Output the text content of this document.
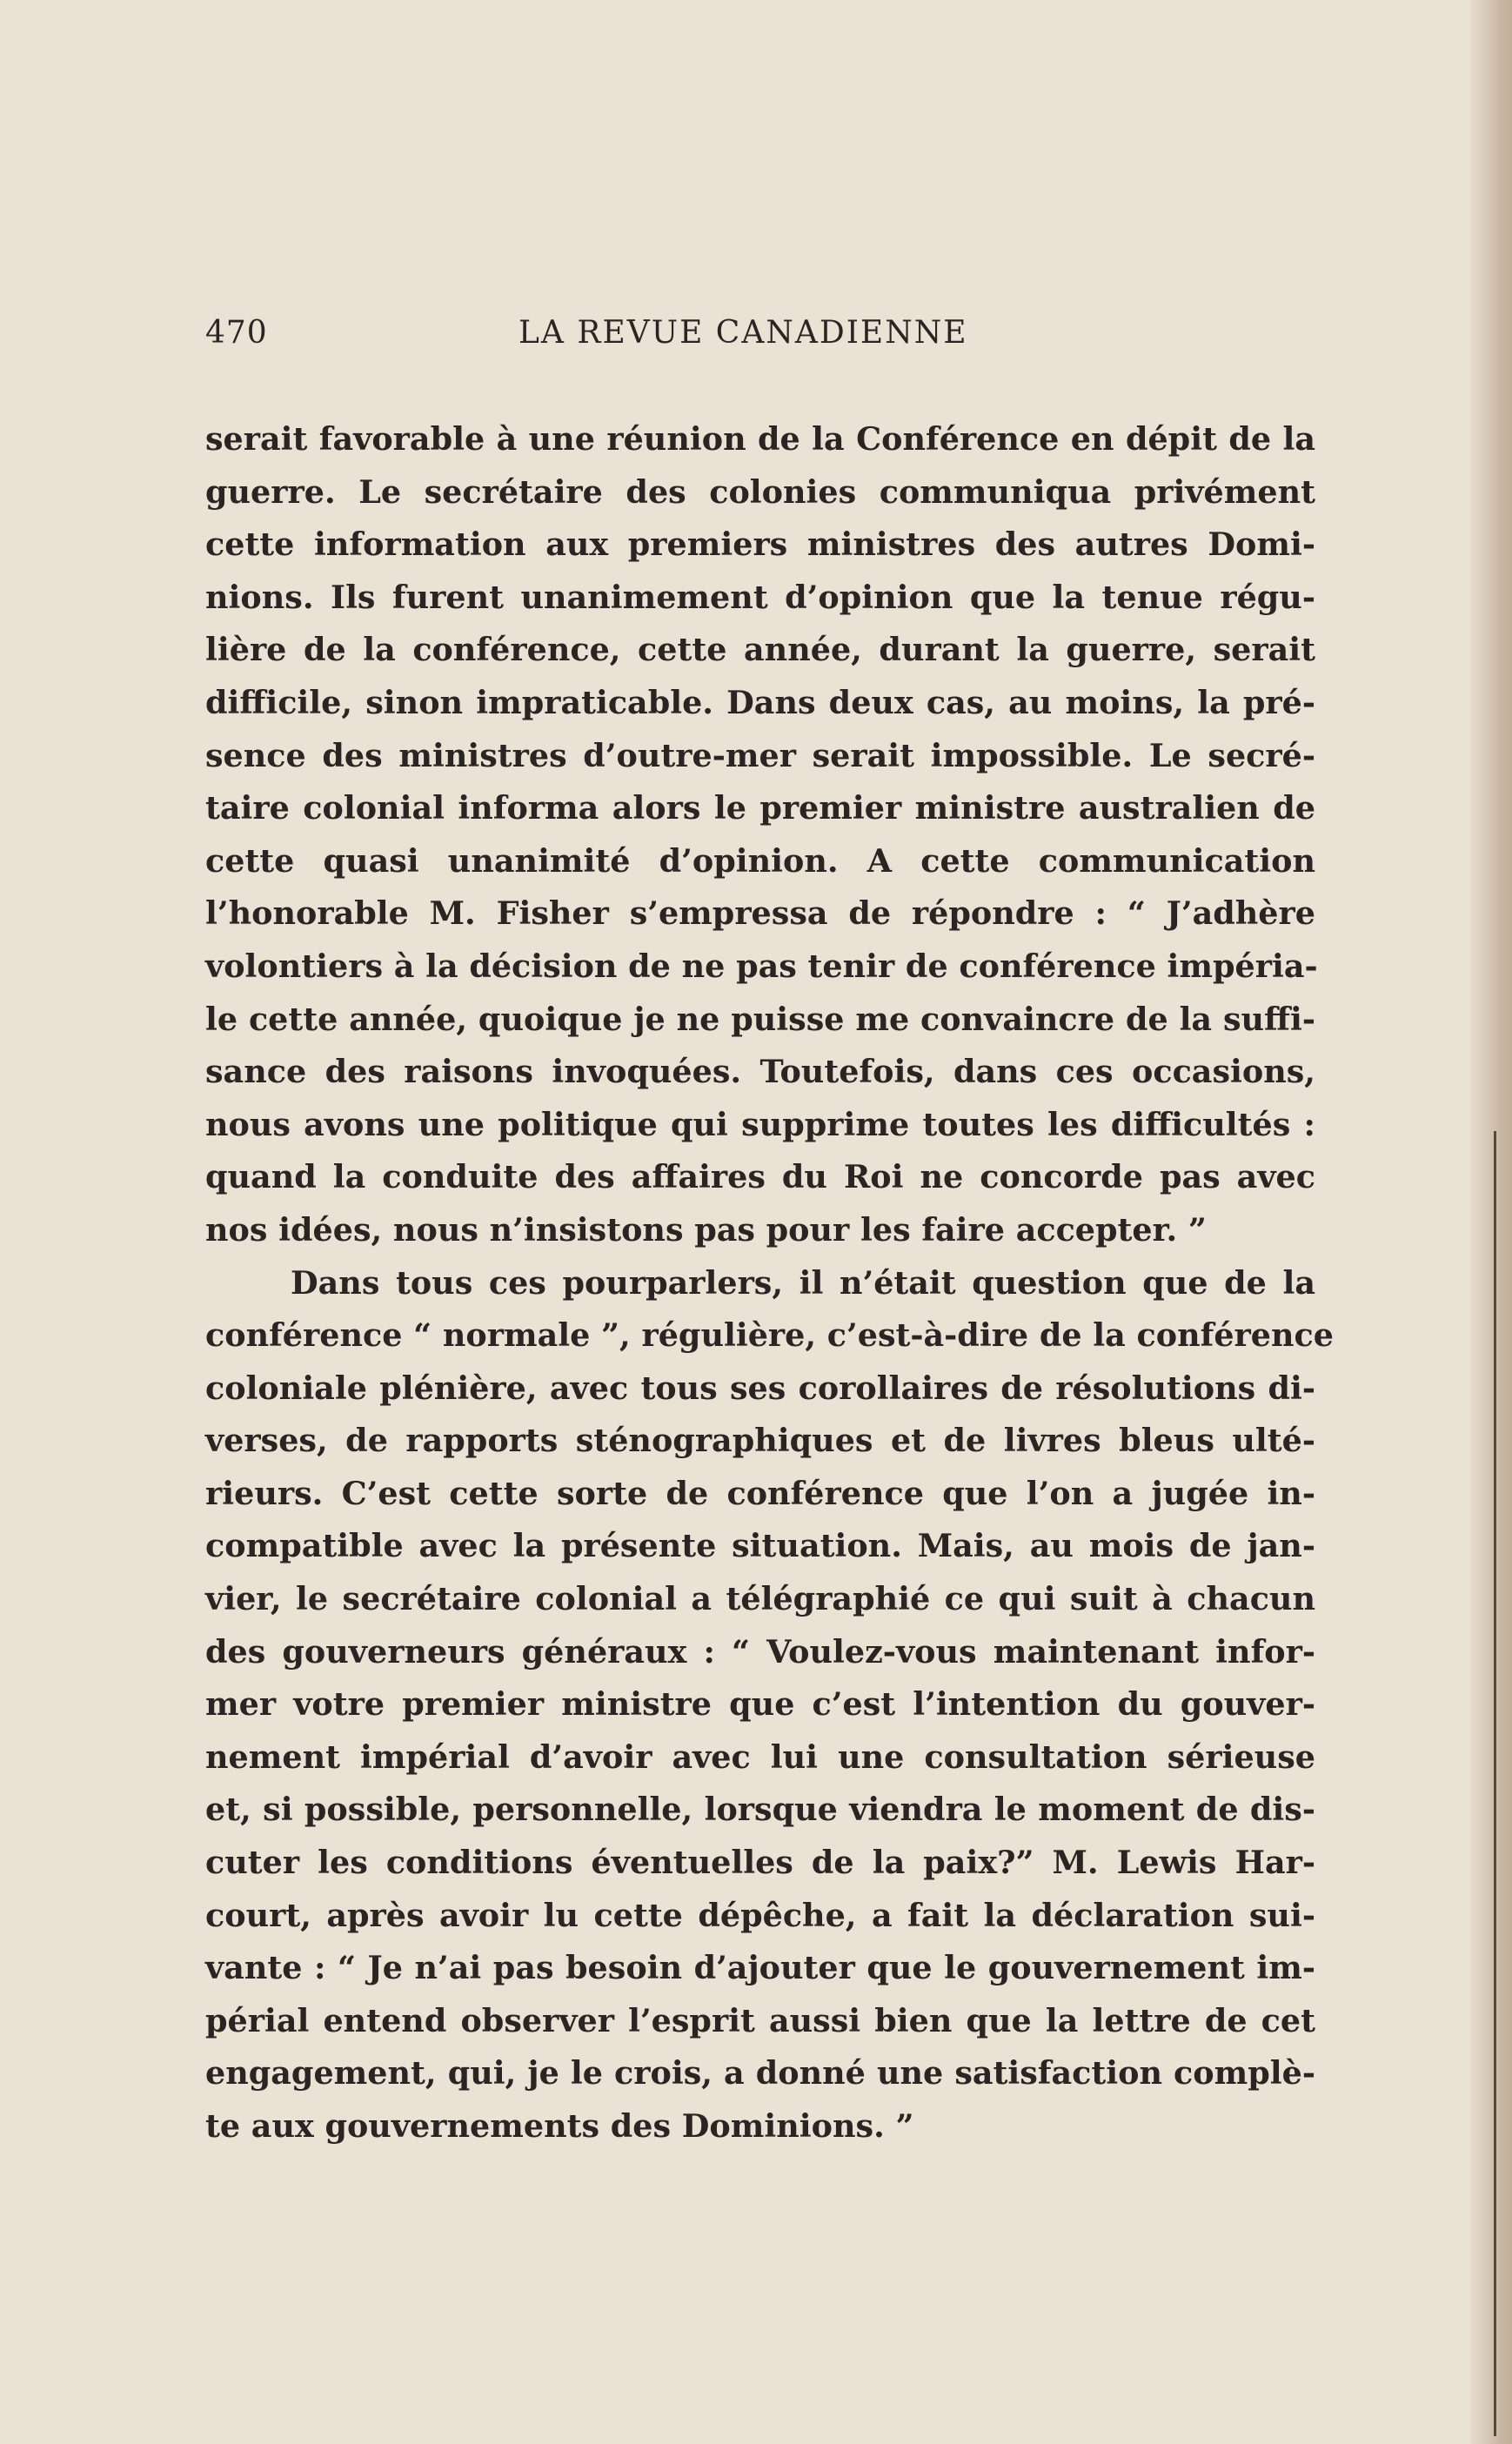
470	LA REVUE CANADIENNE
serait favorable à une réunion de la Conférence en dépit de la
guerre. Le secrétaire des colonies communiqua privément
cette information aux premiers ministres des autres Domi-
nions. Ils furent unanimement d’opinion que la tenue régu-
lière de la conférence, cette année, durant la guerre, serait
difficile, sinon impraticable. Dans deux cas, au moins, la pré-
sence des ministres d’outre-mer serait impossible. Le secré-
taire colonial informa alors le premier ministre australien de
cette quasi unanimité d’opinion. A cette communication
l’honorable M. Fisher s’empressa de répondre : “ J’adhère
volontiers à la décision de ne pas tenir de conférence impéria-
le cette année, quoique je ne puisse me convaincre de la suffi-
sance des raisons invoquées. Toutefois, dans ces occasions,
nous avons une politique qui supprime toutes les difficultés :
quand la conduite des affaires du Roi ne concorde pas avec
nos idées, nous n’insistons pas pour les faire accepter. ”
Dans tous ces pourparlers, il n’était question que de la
conférence “ normale ”, régulière, c’est-à-dire de la conférence
coloniale plénière, avec tous ses corollaires de résolutions di-
verses, de rapports sténographiques et de livres bleus ulté-
rieurs. C’est cette sorte de conférence que l’on a jugée in-
compatible avec la présente situation. Mais, au mois de jan-
vier, le secrétaire colonial a télégraphié ce qui suit à chacun
des gouverneurs généraux : “ Voulez-vous maintenant infor-
mer votre premier ministre que c’est l’intention du gouver-
nement impérial d’avoir avec lui une consultation sérieuse
et, si possible, personnelle, lorsque viendra le moment de dis-
cuter les conditions éventuelles de la paix?” M. Lewis Har-
court, après avoir lu cette dépêche, a fait la déclaration sui-
vante : “ Je n’ai pas besoin d’ajouter que le gouvernement im-
périal entend observer l’esprit aussi bien que la lettre de cet
engagement, qui, je le crois, a donné une satisfaction complè-
te aux gouvernements des Dominions. ”
